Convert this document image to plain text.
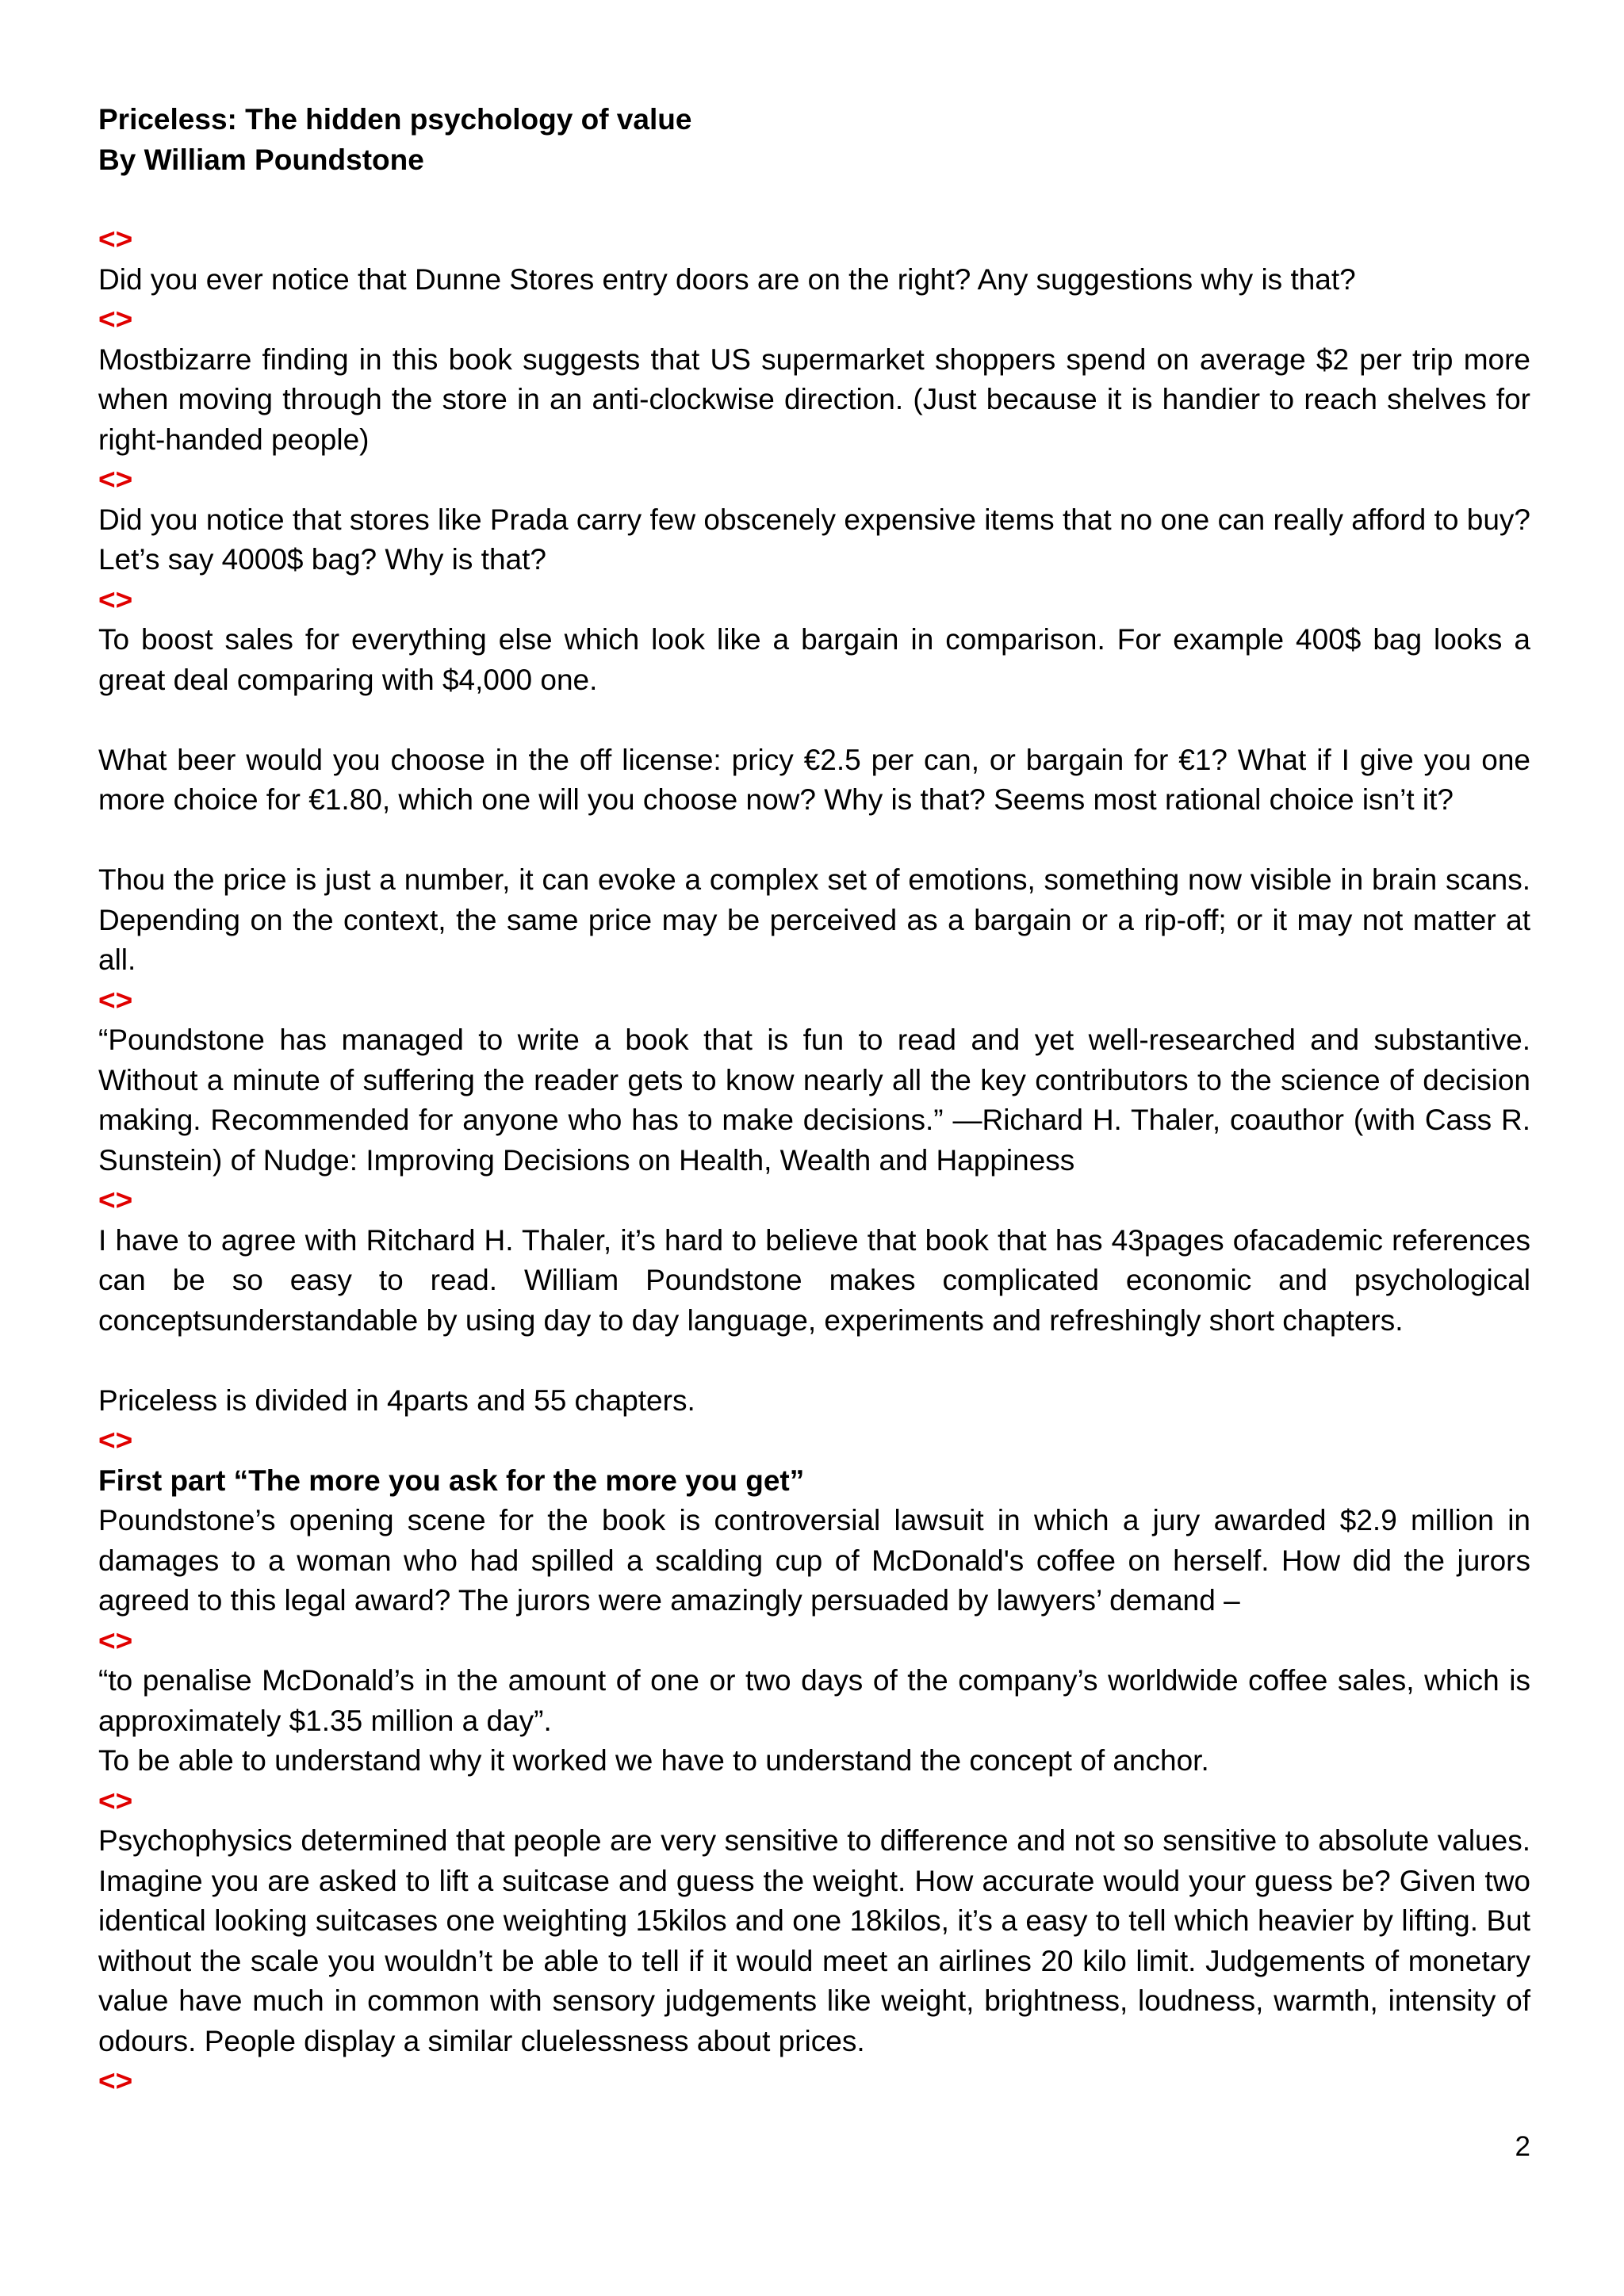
Priceless: The hidden psychology of value
By William Poundstone
<>

Did you ever notice that Dunne Stores entry doors are on the right? Any suggestions why is that?

<>

Mostbizarre finding in this book suggests that US supermarket shoppers spend on average $2 per trip more when moving through the store in an anti-clockwise direction. (Just because it is handier to reach shelves for right-handed people)

<>

Did you notice that stores like Prada carry few obscenely expensive items that no one can really afford to buy? Let’s say 4000$ bag? Why is that?

<>

To boost sales for everything else which look like a bargain in comparison. For example 400$ bag looks a great deal comparing with $4,000 one.

What beer would you choose in the off license: pricy €2.5 per can, or bargain for €1? What if I give you one more choice for €1.80, which one will you choose now? Why is that? Seems most rational choice isn’t it?

Thou the price is just a number, it can evoke a complex set of emotions, something now visible in brain scans. Depending on the context, the same price may be perceived as a bargain or a rip-off; or it may not matter at all.

<>

“Poundstone has managed to write a book that is fun to read and yet well-researched and substantive. Without a minute of suffering the reader gets to know nearly all the key contributors to the science of decision making. Recommended for anyone who has to make decisions.” —Richard H. Thaler, coauthor (with Cass R. Sunstein) of Nudge: Improving Decisions on Health, Wealth and Happiness

<>

I have to agree with Ritchard H. Thaler, it’s hard to believe that book that has 43pages ofacademic references can be so easy to read. William Poundstone makes complicated economic and psychological conceptsunderstandable by using day to day language, experiments and refreshingly short chapters.

Priceless is divided in 4parts and 55 chapters.

<>
First part “The more you ask for the more you get”

Poundstone’s opening scene for the book is controversial lawsuit in which a jury awarded $2.9 million in damages to a woman who had spilled a scalding cup of McDonald's coffee on herself. How did the jurors agreed to this legal award? The jurors were amazingly persuaded by lawyers’ demand –

<>

“to penalise McDonald’s in the amount of one or two days of the company’s worldwide coffee sales, which is approximately $1.35 million a day”.

To be able to understand why it worked we have to understand the concept of anchor.

<>

Psychophysics determined that people are very sensitive to difference and not so sensitive to absolute values. Imagine you are asked to lift a suitcase and guess the weight. How accurate would your guess be? Given two identical looking suitcases one weighting 15kilos and one 18kilos, it’s a easy to tell which heavier by lifting. But without the scale you wouldn’t be able to tell if it would meet an airlines 20 kilo limit. Judgements of monetary value have much in common with sensory judgements like weight, brightness, loudness, warmth, intensity of odours. People display a similar cluelessness about prices.

<>
2
